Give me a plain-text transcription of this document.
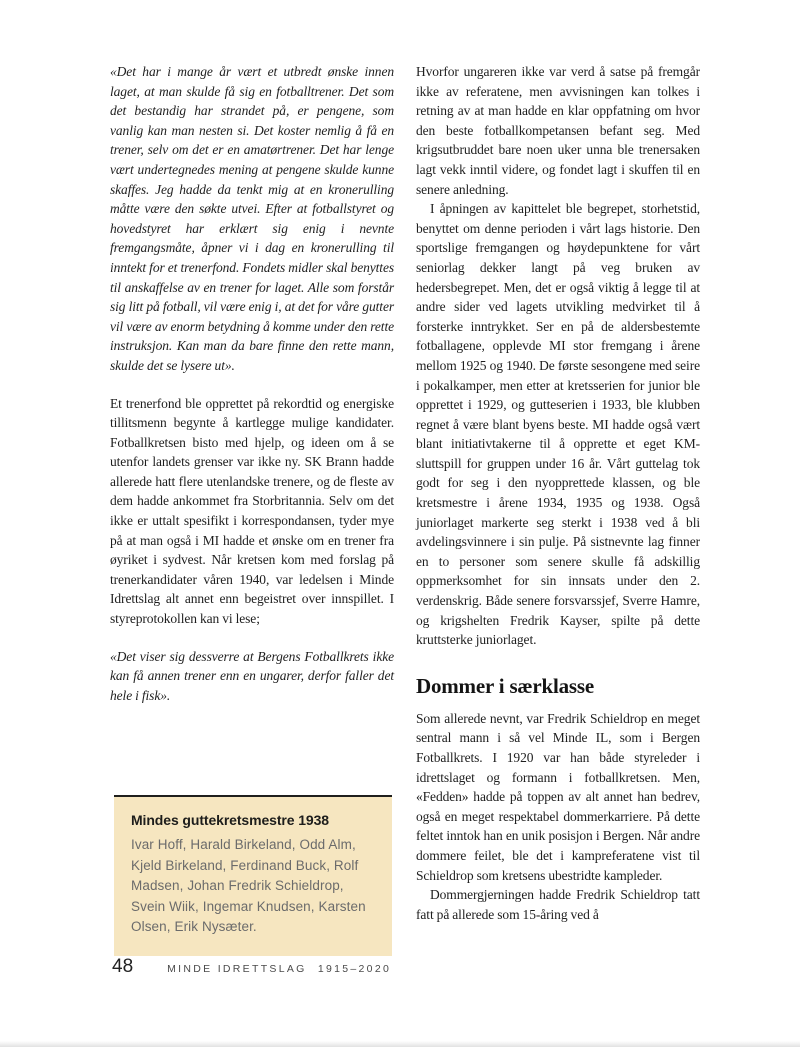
«Det har i mange år vært et utbredt ønske innen laget, at man skulde få sig en fotballtrener. Det som det bestandig har strandet på, er pengene, som vanlig kan man nesten si. Det koster nemlig å få en trener, selv om det er en amatørtrener. Det har lenge vært undertegnedes mening at pengene skulde kunne skaffes. Jeg hadde da tenkt mig at en kronerulling måtte være den søkte utvei. Efter at fotballstyret og hovedstyret har erklært sig enig i nevnte fremgangsmåte, åpner vi i dag en kronerulling til inntekt for et trenerfond. Fondets midler skal benyttes til anskaffelse av en trener for laget. Alle som forstår sig litt på fotball, vil være enig i, at det for våre gutter vil være av enorm betydning å komme under den rette instruksjon. Kan man da bare finne den rette mann, skulde det se lysere ut».

Et trenerfond ble opprettet på rekordtid og energiske tillitsmenn begynte å kartlegge mulige kandidater. Fotballkretsen bisto med hjelp, og ideen om å se utenfor landets grenser var ikke ny. SK Brann hadde allerede hatt flere utenlandske trenere, og de fleste av dem hadde ankommet fra Storbritannia. Selv om det ikke er uttalt spesifikt i korrespondansen, tyder mye på at man også i MI hadde et ønske om en trener fra øyriket i sydvest. Når kretsen kom med forslag på trenerkandidater våren 1940, var ledelsen i Minde Idrettslag alt annet enn begeistret over innspillet. I styreprotokollen kan vi lese;

«Det viser sig dessverre at Bergens Fotballkrets ikke kan få annen trener enn en ungarer, derfor faller det hele i fisk».

Mindes guttekretsmestre 1938
Ivar Hoff, Harald Birkeland, Odd Alm, Kjeld Birkeland, Ferdinand Buck, Rolf Madsen, Johan Fredrik Schieldrop, Svein Wiik, Ingemar Knudsen, Karsten Olsen, Erik Nysæter.

Hvorfor ungareren ikke var verd å satse på fremgår ikke av referatene, men avvisningen kan tolkes i retning av at man hadde en klar oppfatning om hvor den beste fotballkompetansen befant seg. Med krigsutbruddet bare noen uker unna ble trenersaken lagt vekk inntil videre, og fondet lagt i skuffen til en senere anledning.

I åpningen av kapittelet ble begrepet, storhetstid, benyttet om denne perioden i vårt lags historie. Den sportslige fremgangen og høydepunktene for vårt seniorlag dekker langt på veg bruken av hedersbegrepet. Men, det er også viktig å legge til at andre sider ved lagets utvikling medvirket til å forsterke inntrykket. Ser en på de aldersbestemte fotballagene, opplevde MI stor fremgang i årene mellom 1925 og 1940. De første sesongene med seire i pokalkamper, men etter at kretsserien for junior ble opprettet i 1929, og gutteserien i 1933, ble klubben regnet å være blant byens beste. MI hadde også vært blant initiativtakerne til å opprette et eget KM-sluttspill for gruppen under 16 år. Vårt guttelag tok godt for seg i den nyopprettede klassen, og ble kretsmestre i årene 1934, 1935 og 1938. Også juniorlaget markerte seg sterkt i 1938 ved å bli avdelingsvinnere i sin pulje. På sistnevnte lag finner en to personer som senere skulle få adskillig oppmerksomhet for sin innsats under den 2. verdenskrig. Både senere forsvarssjef, Sverre Hamre, og krigshelten Fredrik Kayser, spilte på dette kruttsterke juniorlaget.

Dommer i særklasse

Som allerede nevnt, var Fredrik Schieldrop en meget sentral mann i så vel Minde IL, som i Bergen Fotballkrets. I 1920 var han både styreleder i idrettslaget og formann i fotballkretsen. Men, «Fedden» hadde på toppen av alt annet han bedrev, også en meget respektabel dommerkarriere. På dette feltet inntok han en unik posisjon i Bergen. Når andre dommere feilet, ble det i kampreferatene vist til Schieldrop som kretsens ubestridte kampleder.

Dommergjerningen hadde Fredrik Schieldrop tatt fatt på allerede som 15-åring ved å

48	MINDE IDRETTSLAG 1915–2020
